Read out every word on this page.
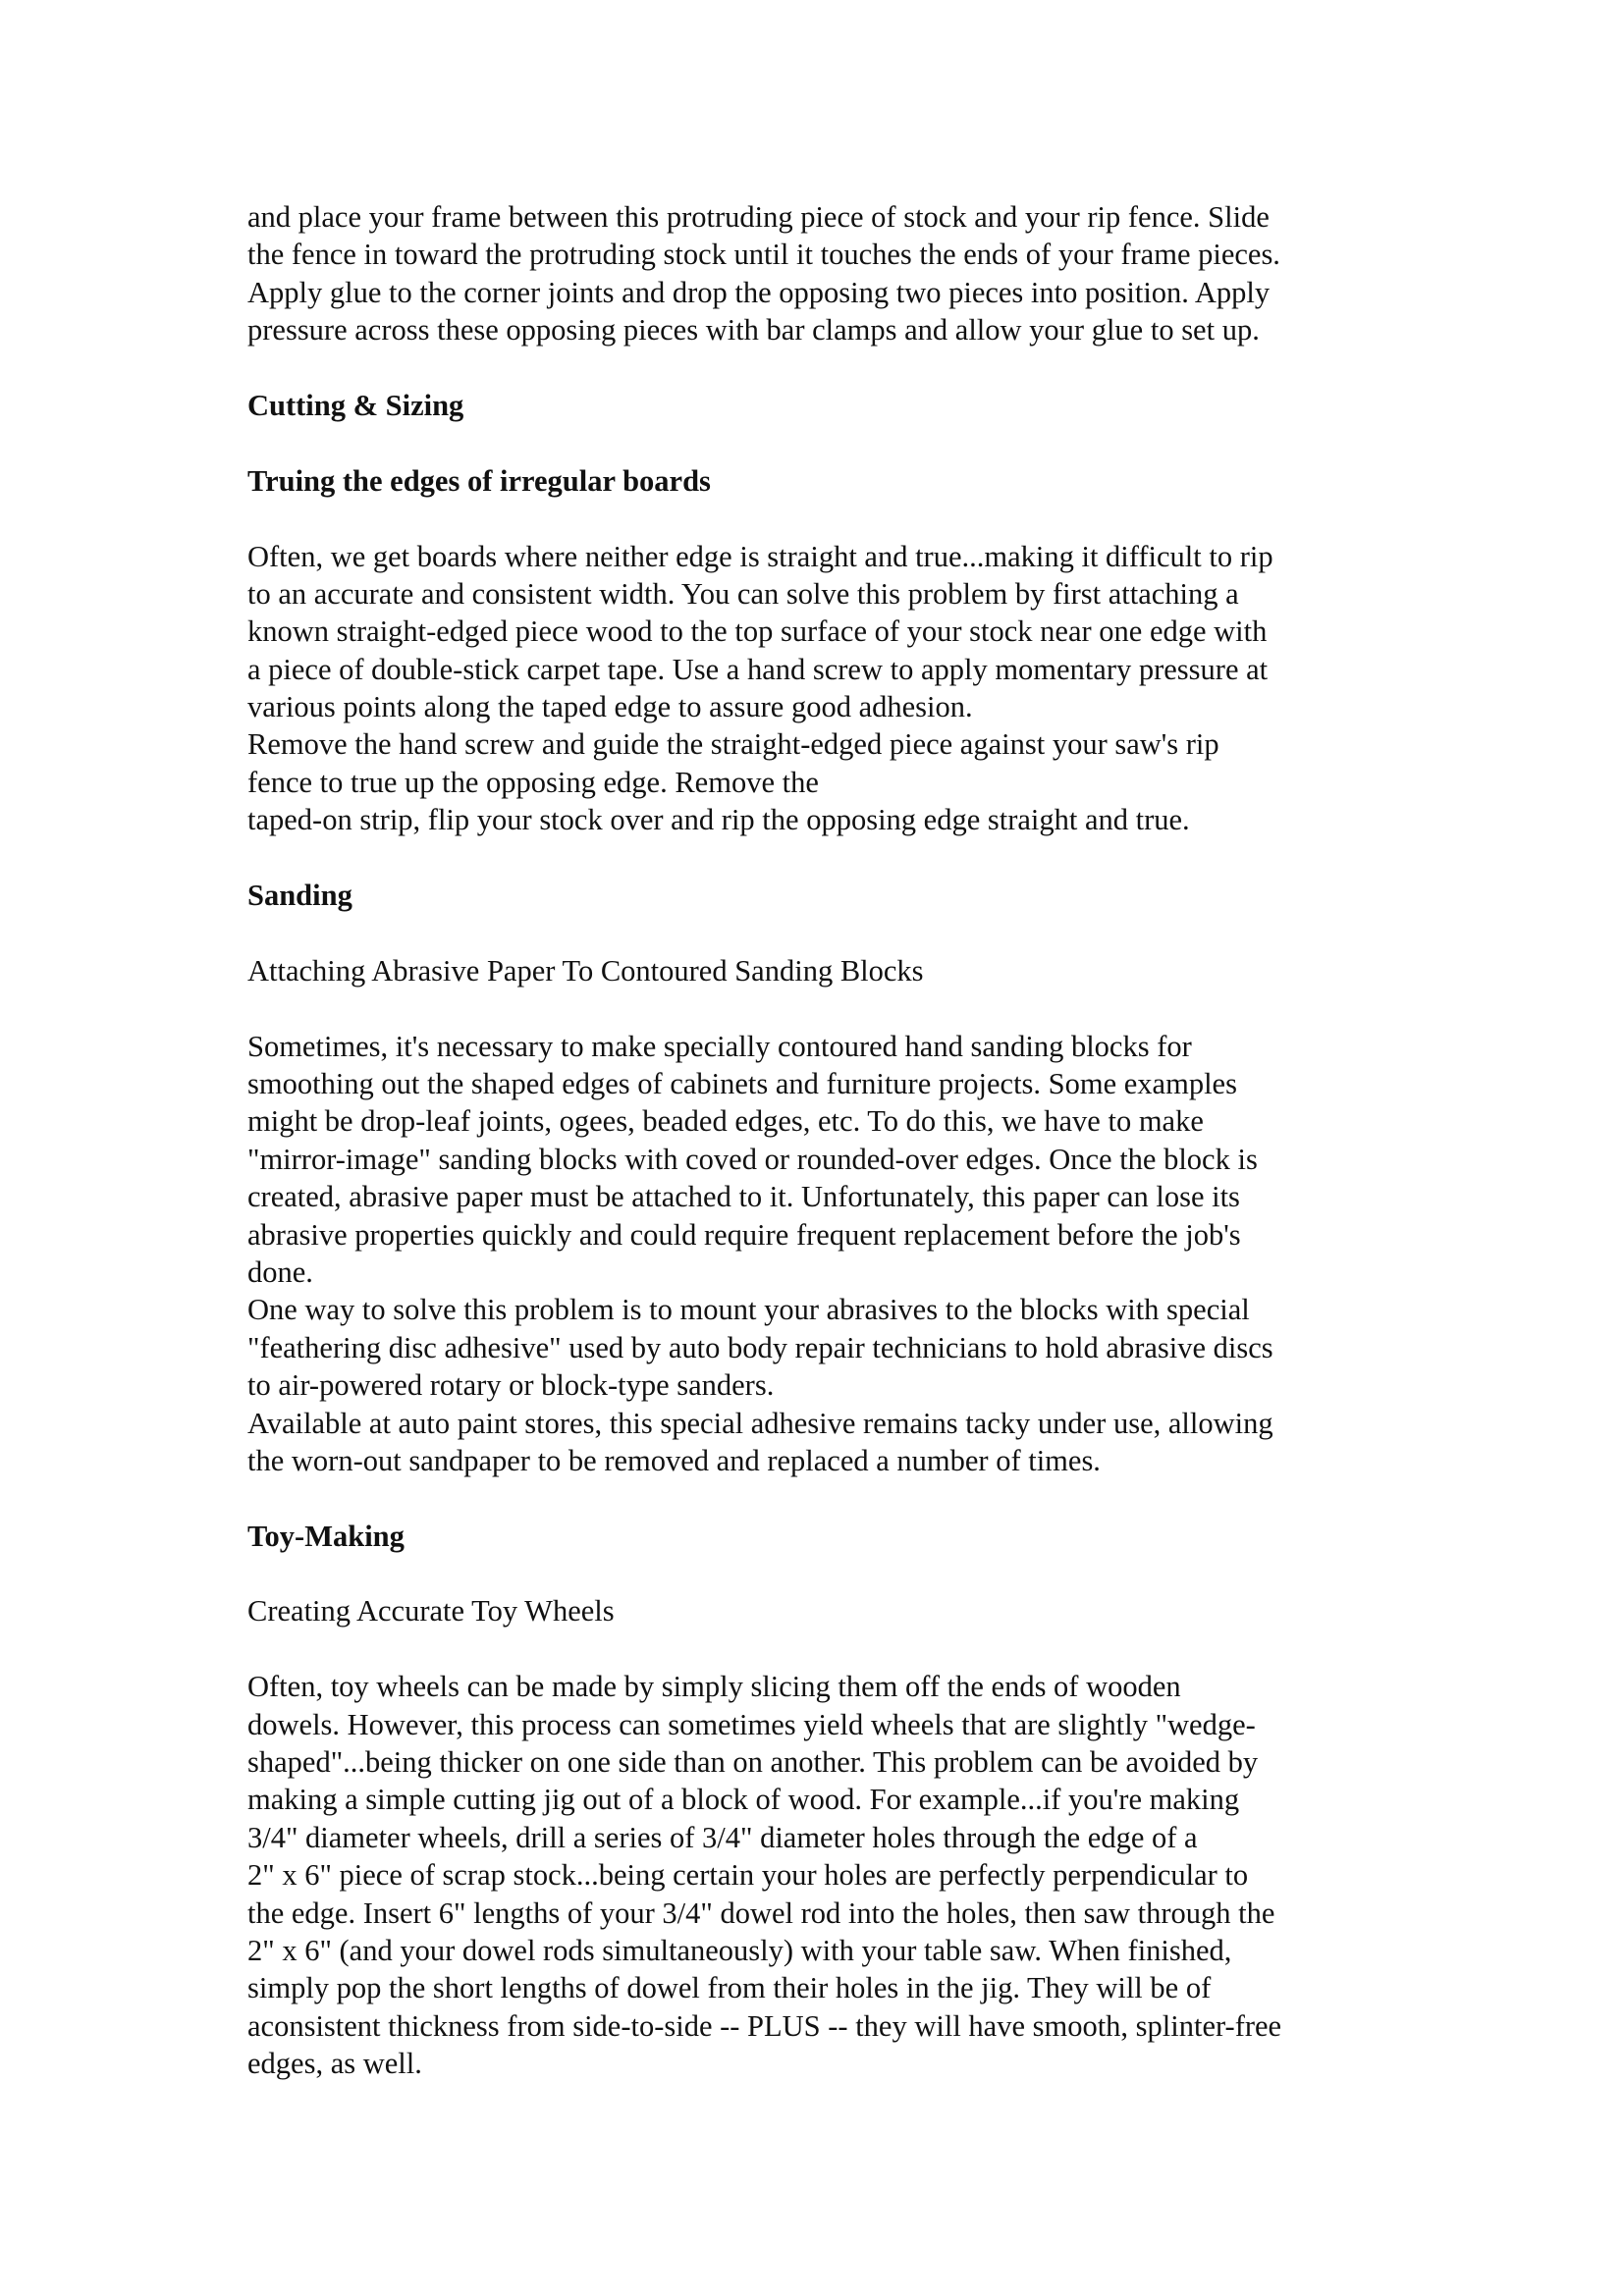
and place your frame between this protruding piece of stock and your rip fence. Slide
the fence in toward the protruding stock until it touches the ends of your frame pieces.
Apply glue to the corner joints and drop the opposing two pieces into position. Apply
pressure across these opposing pieces with bar clamps and allow your glue to set up.
Cutting & Sizing
Truing the edges of irregular boards
Often, we get boards where neither edge is straight and true...making it difficult to rip
to an accurate and consistent width. You can solve this problem by first attaching a
known straight-edged piece wood to the top surface of your stock near one edge with
a piece of double-stick carpet tape. Use a hand screw to apply momentary pressure at
various points along the taped edge to assure good adhesion.
Remove the hand screw and guide the straight-edged piece against your saw's rip
fence to true up the opposing edge. Remove the
taped-on strip, flip your stock over and rip the opposing edge straight and true.
Sanding
Attaching Abrasive Paper To Contoured Sanding Blocks
Sometimes, it's necessary to make specially contoured hand sanding blocks for
smoothing out the shaped edges of cabinets and furniture projects. Some examples
might be drop-leaf joints, ogees, beaded edges, etc. To do this, we have to make
"mirror-image" sanding blocks with coved or rounded-over edges. Once the block is
created, abrasive paper must be attached to it. Unfortunately, this paper can lose its
abrasive properties quickly and could require frequent replacement before the job's
done.
One way to solve this problem is to mount your abrasives to the blocks with special
"feathering disc adhesive" used by auto body repair technicians to hold abrasive discs
to air-powered rotary or block-type sanders.
Available at auto paint stores, this special adhesive remains tacky under use, allowing
the worn-out sandpaper to be removed and replaced a number of times.
Toy-Making
Creating Accurate Toy Wheels
Often, toy wheels can be made by simply slicing them off the ends of wooden
dowels. However, this process can sometimes yield wheels that are slightly "wedge-
shaped"...being thicker on one side than on another. This problem can be avoided by
making a simple cutting jig out of a block of wood. For example...if you're making
3/4" diameter wheels, drill a series of 3/4" diameter holes through the edge of a
2" x 6" piece of scrap stock...being certain your holes are perfectly perpendicular to
the edge. Insert 6" lengths of your 3/4" dowel rod into the holes, then saw through the
2" x 6" (and your dowel rods simultaneously) with your table saw. When finished,
simply pop the short lengths of dowel from their holes in the jig. They will be of
aconsistent thickness from side-to-side -- PLUS -- they will have smooth, splinter-free
edges, as well.
